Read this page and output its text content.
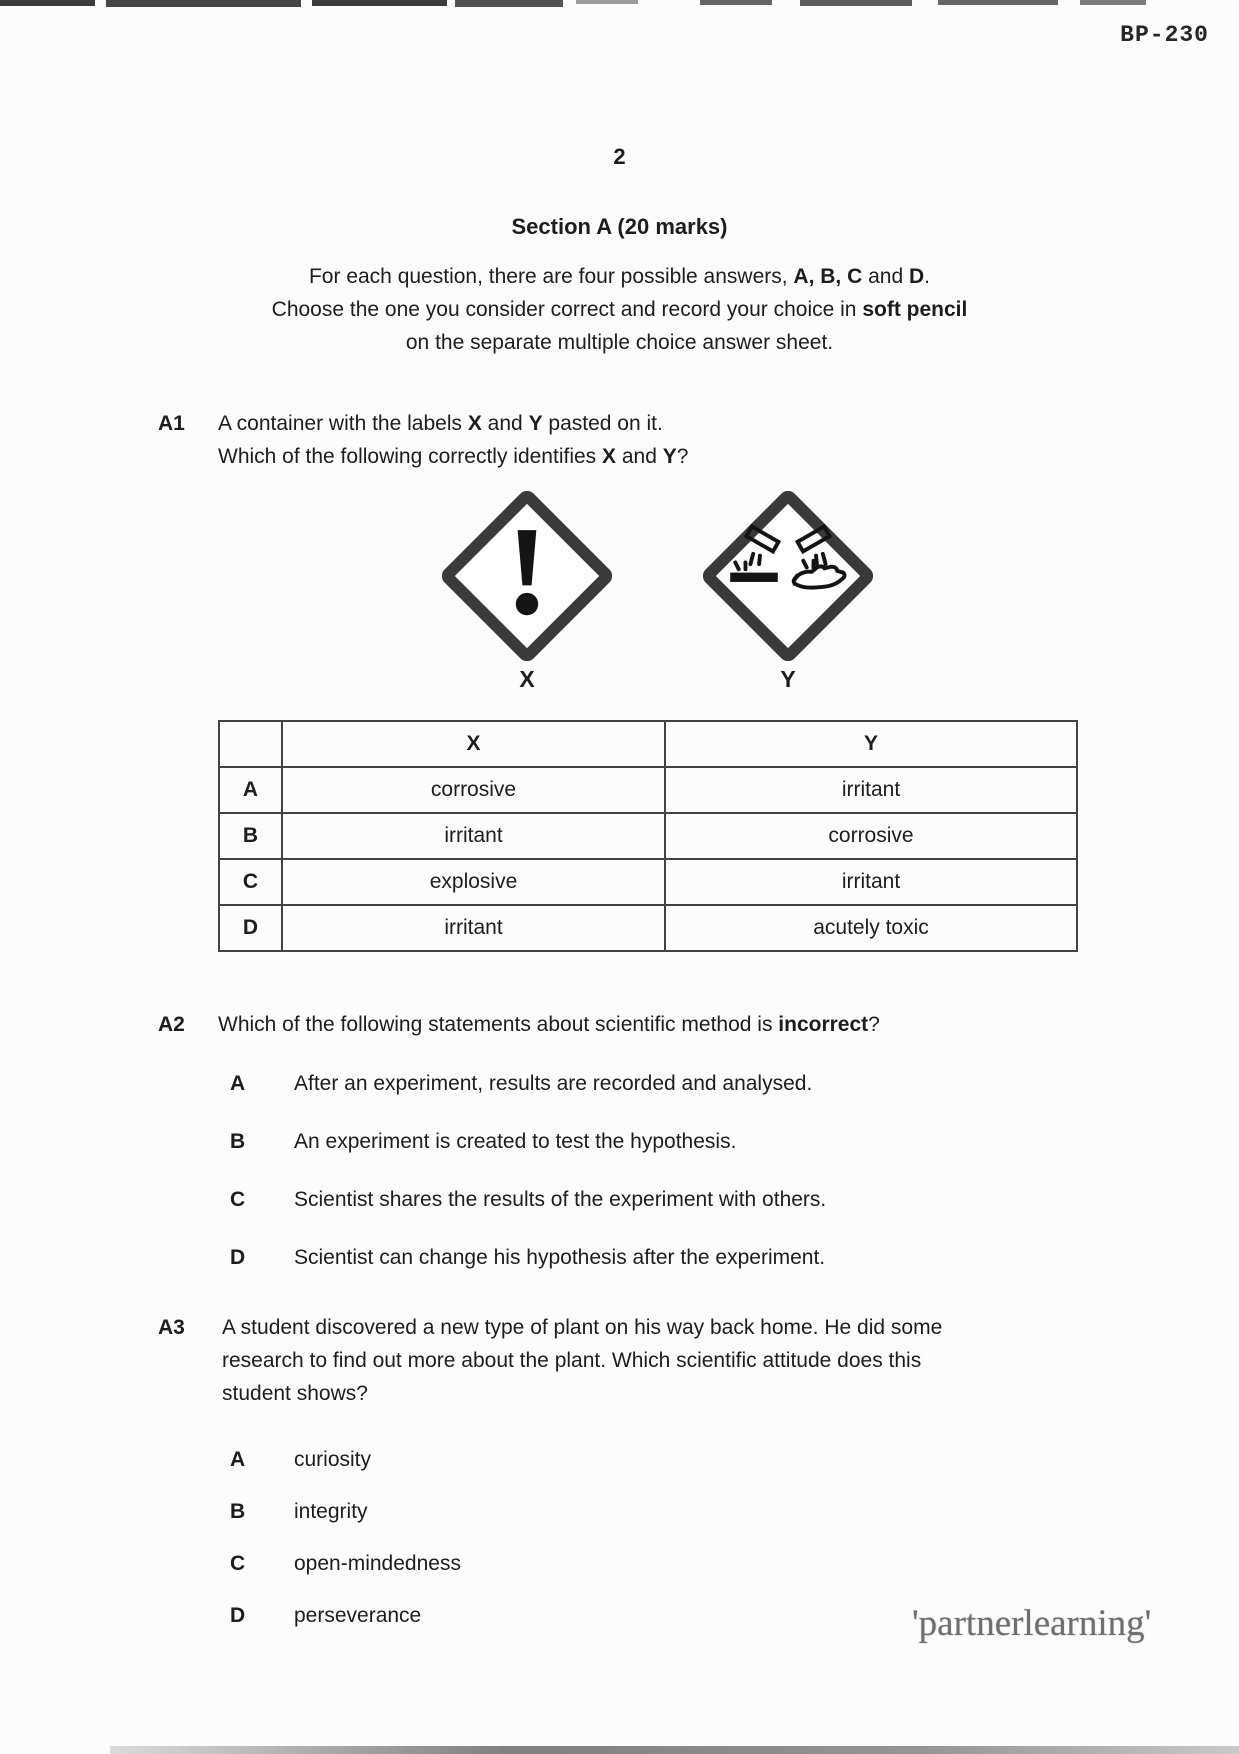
BP-230
2
Section A (20 marks)
For each question, there are four possible answers, A, B, C and D.
Choose the one you consider correct and record your choice in soft pencil
on the separate multiple choice answer sheet.
A1 A container with the labels X and Y pasted on it.
Which of the following correctly identifies X and Y?
X	Y
	X	Y
A	corrosive	irritant
B	irritant	corrosive
C	explosive	irritant
D	irritant	acutely toxic
A2 Which of the following statements about scientific method is incorrect?
A After an experiment, results are recorded and analysed.
B An experiment is created to test the hypothesis.
C Scientist shares the results of the experiment with others.
D Scientist can change his hypothesis after the experiment.
A3 A student discovered a new type of plant on his way back home. He did some
research to find out more about the plant. Which scientific attitude does this
student shows?
A curiosity
B integrity
C open-mindedness
D perseverance	'partnerlearning'
